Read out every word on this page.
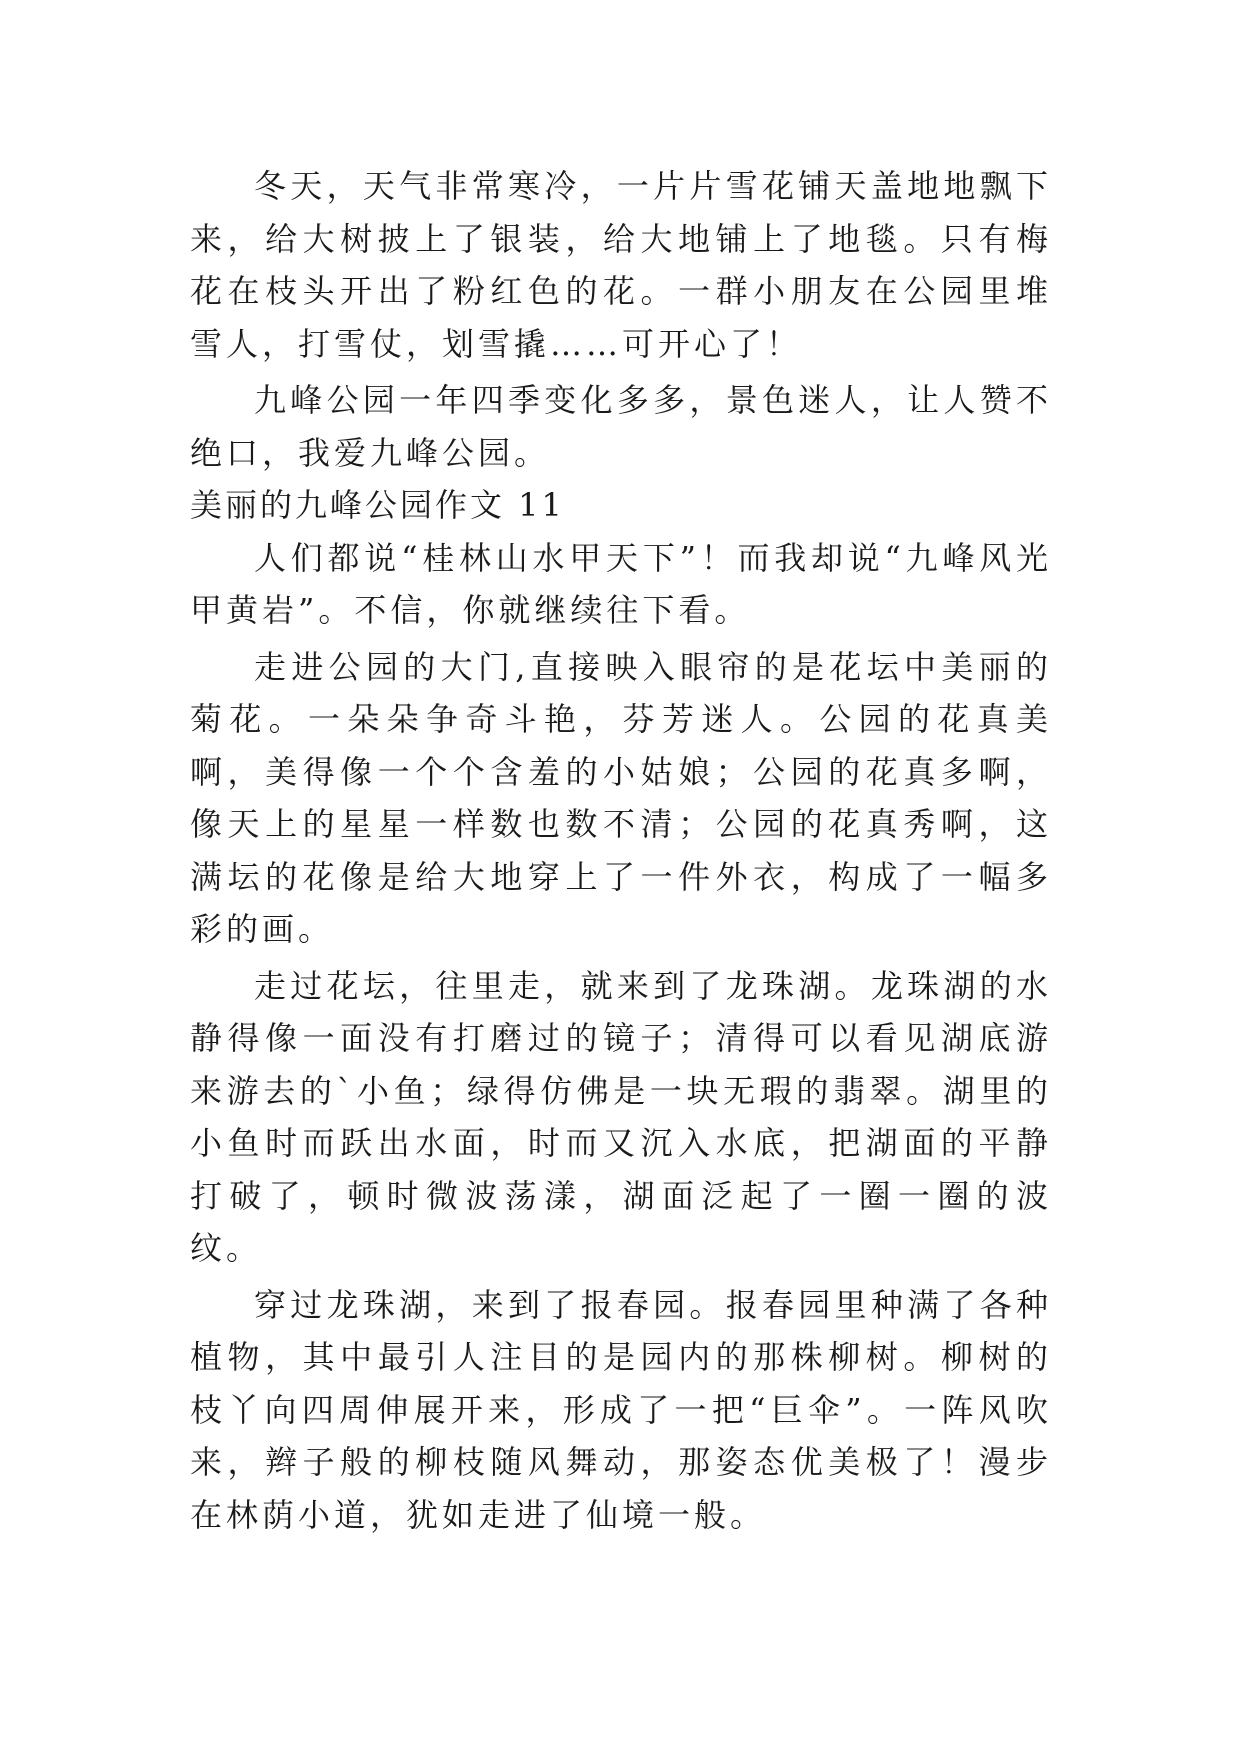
冬天，天气非常寒冷，一片片雪花铺天盖地地飘下来，给大树披上了银装，给大地铺上了地毯。只有梅花在枝头开出了粉红色的花。一群小朋友在公园里堆雪人，打雪仗，划雪撬……可开心了！

九峰公园一年四季变化多多，景色迷人，让人赞不绝口，我爱九峰公园。

美丽的九峰公园作文 11

人们都说“桂林山水甲天下”！而我却说“九峰风光甲黄岩”。不信，你就继续往下看。

走进公园的大门,直接映入眼帘的是花坛中美丽的菊花。一朵朵争奇斗艳，芬芳迷人。公园的花真美啊，美得像一个个含羞的小姑娘；公园的花真多啊，像天上的星星一样数也数不清；公园的花真秀啊，这满坛的花像是给大地穿上了一件外衣，构成了一幅多彩的画。

走过花坛，往里走，就来到了龙珠湖。龙珠湖的水静得像一面没有打磨过的镜子；清得可以看见湖底游来游去的`小鱼；绿得仿佛是一块无瑕的翡翠。湖里的小鱼时而跃出水面，时而又沉入水底，把湖面的平静打破了，顿时微波荡漾，湖面泛起了一圈一圈的波纹。

穿过龙珠湖，来到了报春园。报春园里种满了各种植物，其中最引人注目的是园内的那株柳树。柳树的枝丫向四周伸展开来，形成了一把“巨伞”。一阵风吹来，辫子般的柳枝随风舞动，那姿态优美极了！漫步在林荫小道，犹如走进了仙境一般。
